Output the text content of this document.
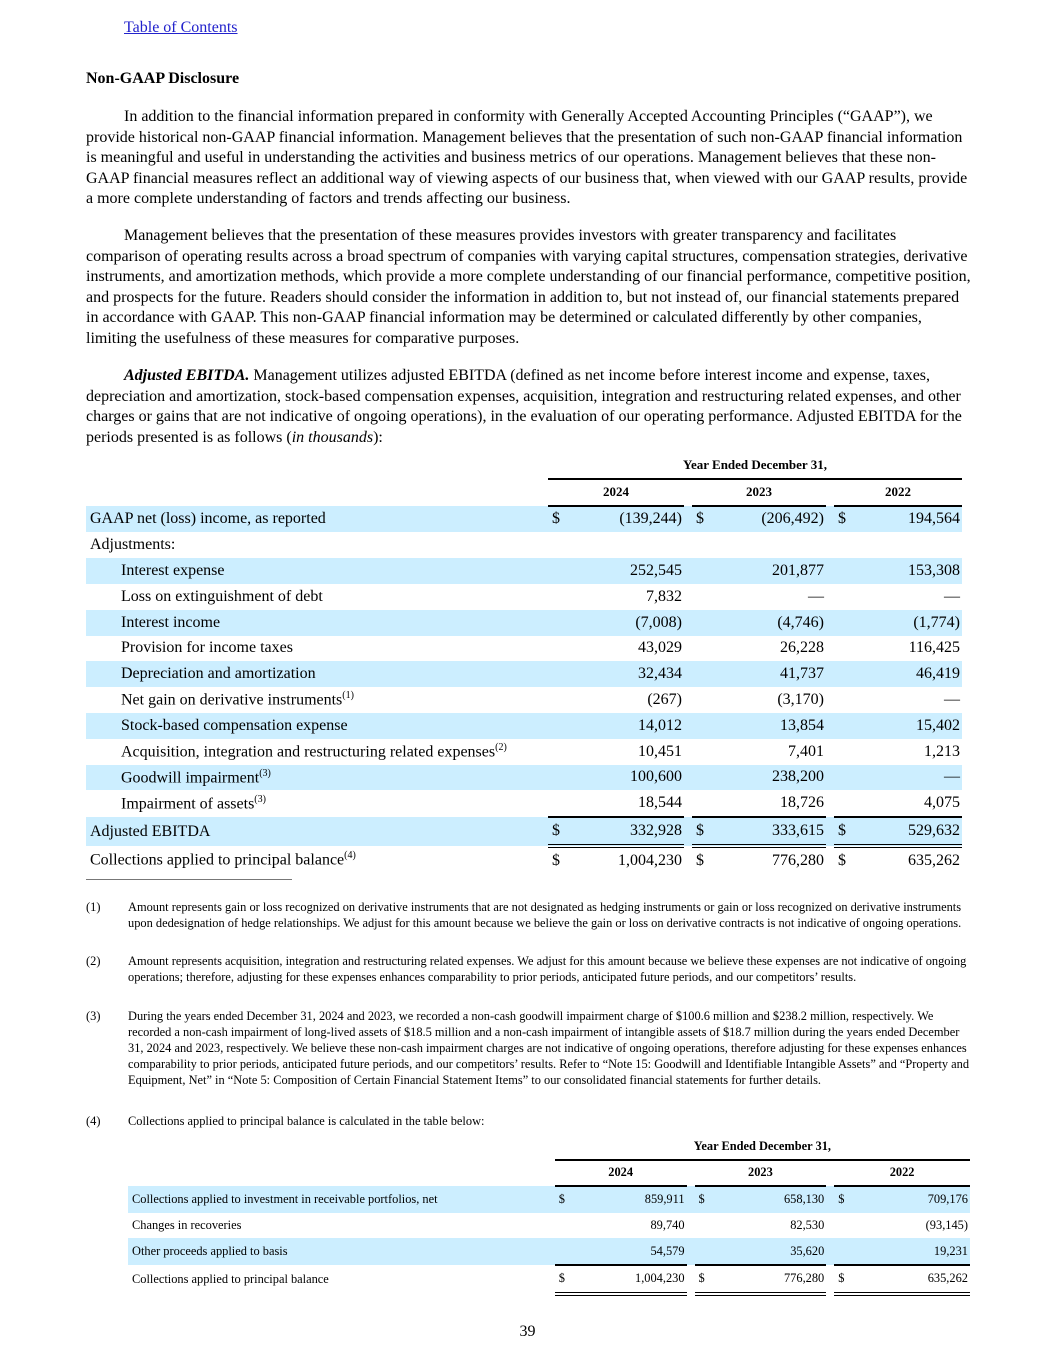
Table of Contents
Non-GAAP Disclosure
In addition to the financial information prepared in conformity with Generally Accepted Accounting Principles (“GAAP”), we provide historical non-GAAP financial information. Management believes that the presentation of such non-GAAP financial information is meaningful and useful in understanding the activities and business metrics of our operations. Management believes that these non-GAAP financial measures reflect an additional way of viewing aspects of our business that, when viewed with our GAAP results, provide a more complete understanding of factors and trends affecting our business.
Management believes that the presentation of these measures provides investors with greater transparency and facilitates comparison of operating results across a broad spectrum of companies with varying capital structures, compensation strategies, derivative instruments, and amortization methods, which provide a more complete understanding of our financial performance, competitive position, and prospects for the future. Readers should consider the information in addition to, but not instead of, our financial statements prepared in accordance with GAAP. This non-GAAP financial information may be determined or calculated differently by other companies, limiting the usefulness of these measures for comparative purposes.
Adjusted EBITDA. Management utilizes adjusted EBITDA (defined as net income before interest income and expense, taxes, depreciation and amortization, stock-based compensation expenses, acquisition, integration and restructuring related expenses, and other charges or gains that are not indicative of ongoing operations), in the evaluation of our operating performance. Adjusted EBITDA for the periods presented is as follows (in thousands):
	Year Ended December 31,							
	2024			2023			2022	
GAAP net (loss) income, as reported	$	(139,244)		$	(206,492)		$	194,564
Adjustments:								
Interest expense		252,545			201,877			153,308
Loss on extinguishment of debt		7,832			—			—
Interest income		(7,008)			(4,746)			(1,774)
Provision for income taxes		43,029			26,228			116,425
Depreciation and amortization		32,434			41,737			46,419
Net gain on derivative instruments$^{(1)}$		(267)			(3,170)			—
Stock-based compensation expense		14,012			13,854			15,402
Acquisition, integration and restructuring related expenses$^{(2)}$		10,451			7,401			1,213
Goodwill impairment$^{(3)}$		100,600			238,200			—
Impairment of assets$^{(3)}$		18,544			18,726			4,075
Adjusted EBITDA	$	332,928		$	333,615		$	529,632
Collections applied to principal balance$^{(4)}$	$	1,004,230		$	776,280		$	635,262
(1)	Amount represents gain or loss recognized on derivative instruments that are not designated as hedging instruments or gain or loss recognized on derivative instruments upon dedesignation of hedge relationships. We adjust for this amount because we believe the gain or loss on derivative contracts is not indicative of ongoing operations.
(2)	Amount represents acquisition, integration and restructuring related expenses. We adjust for this amount because we believe these expenses are not indicative of ongoing operations; therefore, adjusting for these expenses enhances comparability to prior periods, anticipated future periods, and our competitors’ results.
(3)	During the years ended December 31, 2024 and 2023, we recorded a non-cash goodwill impairment charge of $100.6 million and $238.2 million, respectively. We recorded a non-cash impairment of long-lived assets of $18.5 million and a non-cash impairment of intangible assets of $18.7 million during the years ended December 31, 2024 and 2023, respectively. We believe these non-cash impairment charges are not indicative of ongoing operations, therefore adjusting for these expenses enhances comparability to prior periods, anticipated future periods, and our competitors’ results. Refer to “Note 15: Goodwill and Identifiable Intangible Assets” and “Property and Equipment, Net” in “Note 5: Composition of Certain Financial Statement Items” to our consolidated financial statements for further details.
(4)	Collections applied to principal balance is calculated in the table below:
	Year Ended December 31,							
	2024			2023			2022	
Collections applied to investment in receivable portfolios, net	$	859,911		$	658,130		$	709,176
Changes in recoveries		89,740			82,530			(93,145)
Other proceeds applied to basis		54,579			35,620			19,231
Collections applied to principal balance	$	1,004,230		$	776,280		$	635,262
39
